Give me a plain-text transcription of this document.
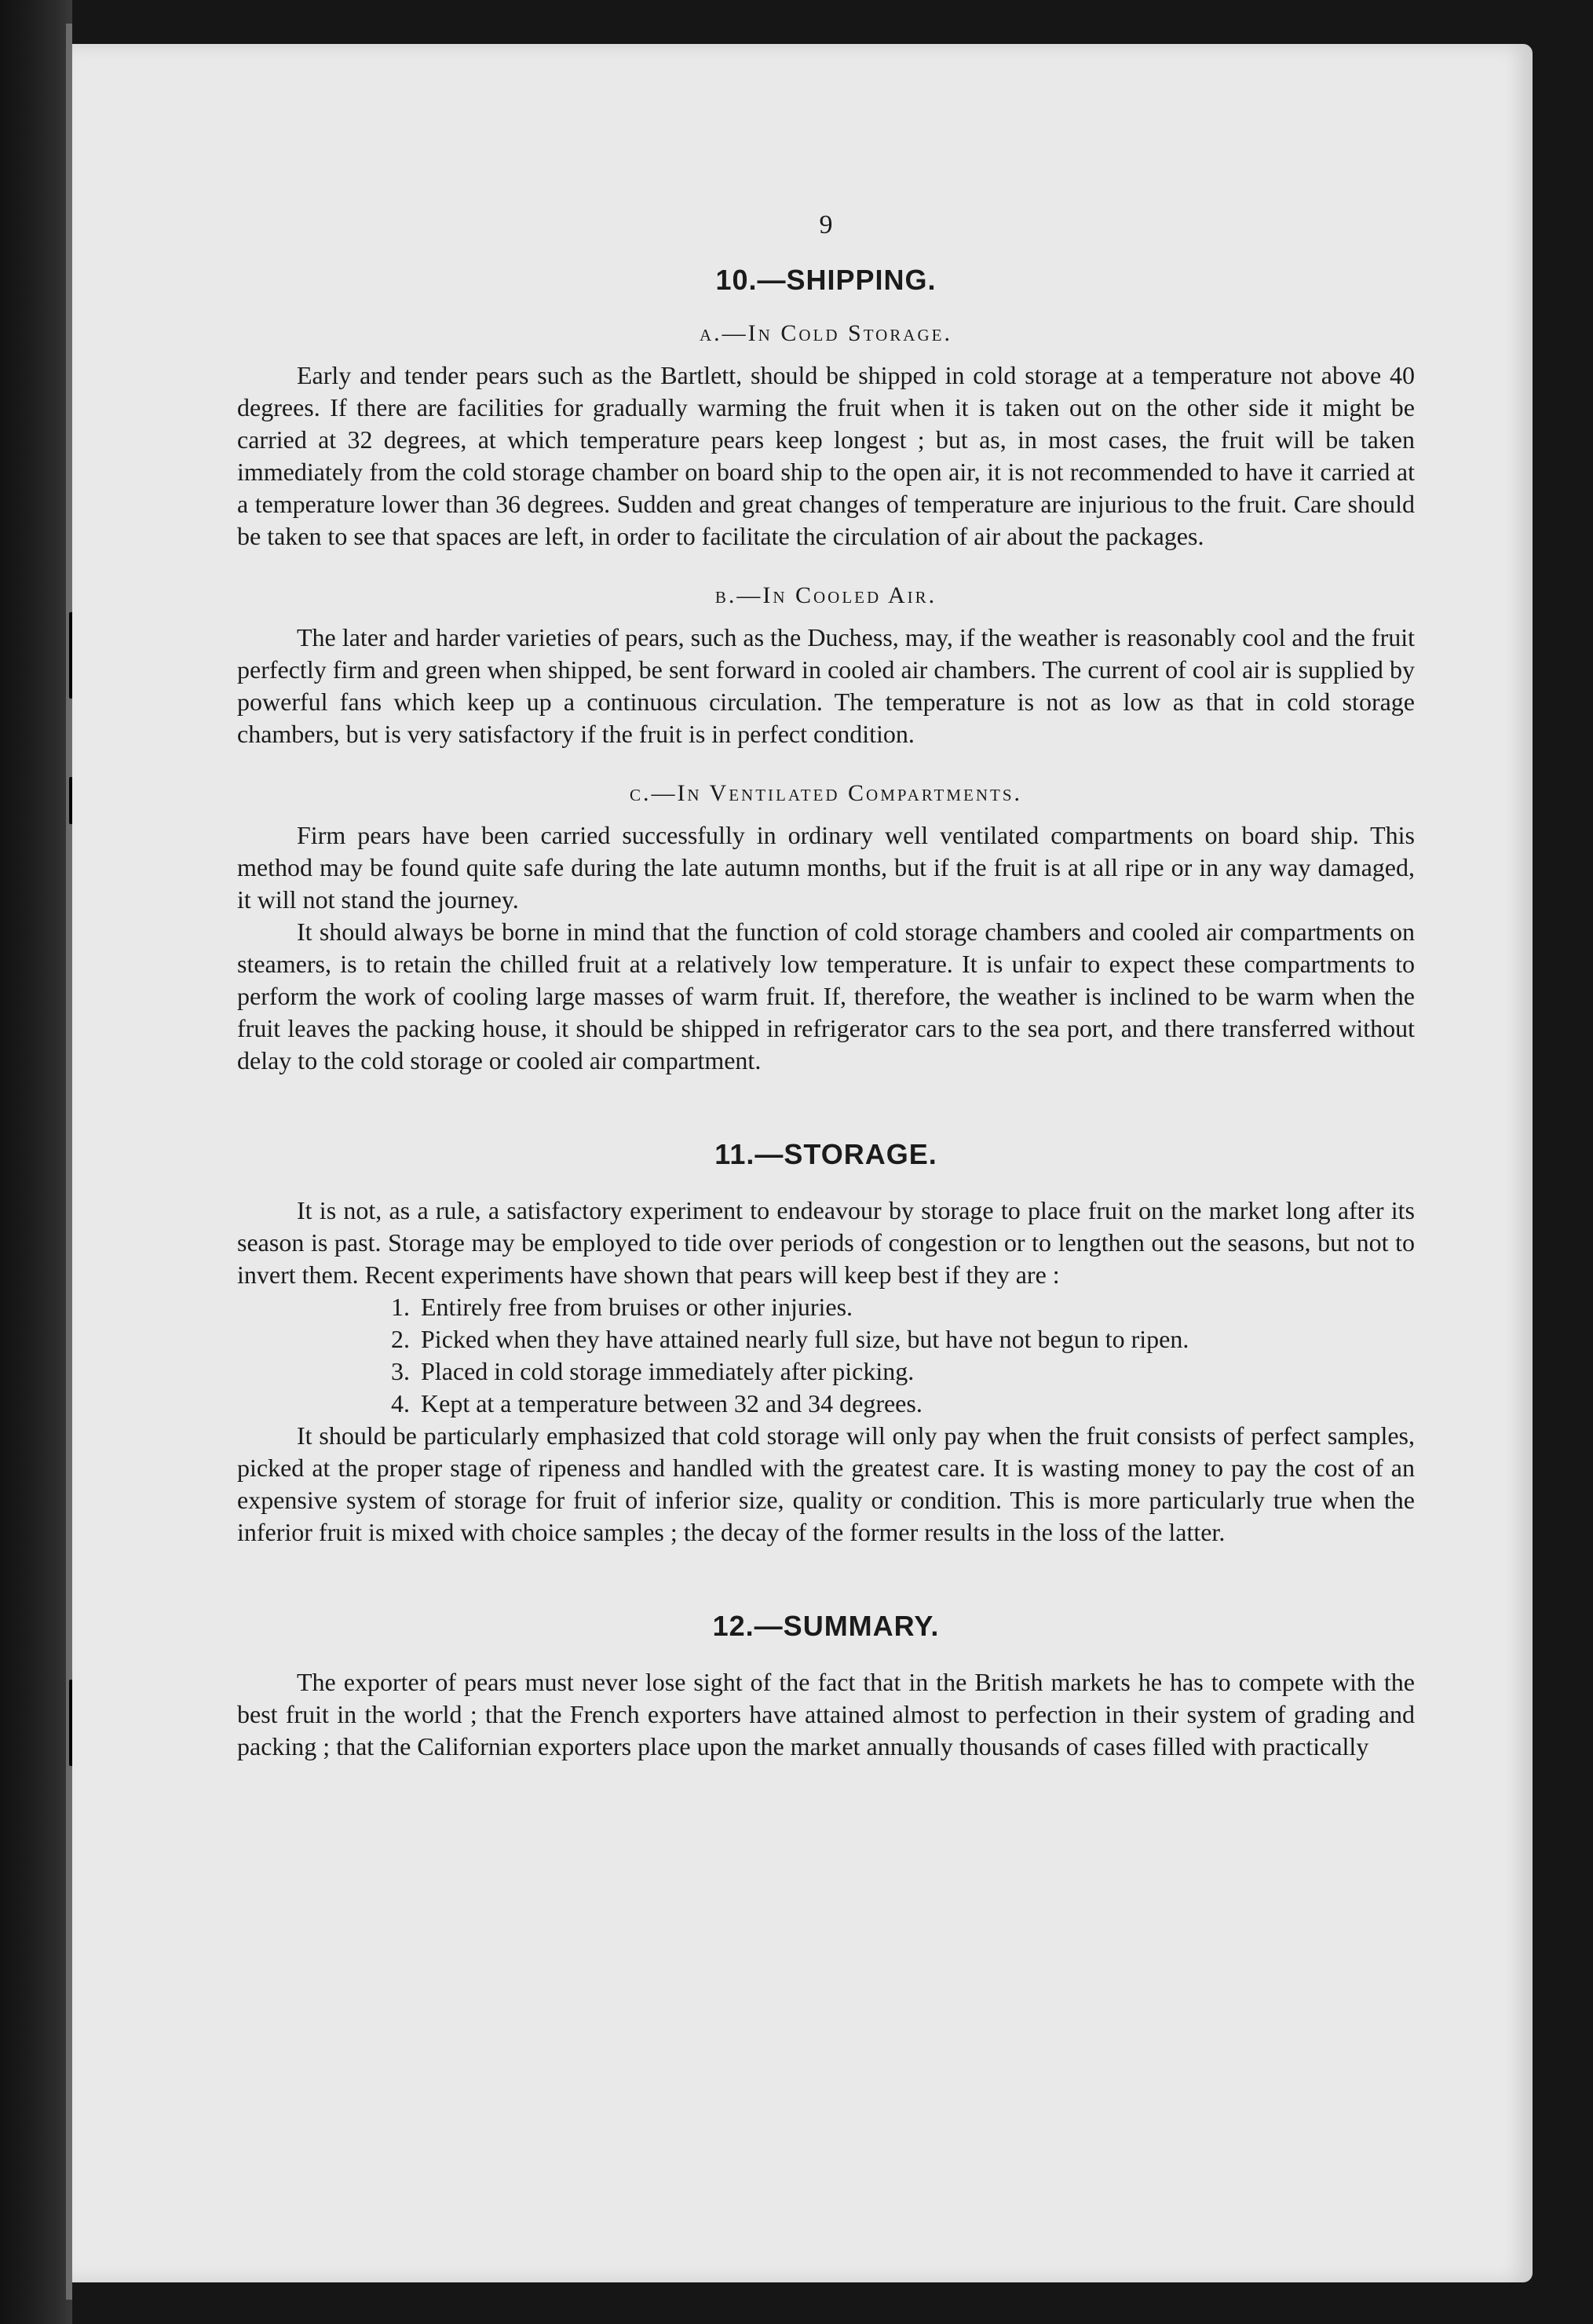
9
10.—SHIPPING.
a.—In Cold Storage.

Early and tender pears such as the Bartlett, should be shipped in cold storage at a temperature not above 40 degrees. If there are facilities for gradually warming the fruit when it is taken out on the other side it might be carried at 32 degrees, at which temperature pears keep longest ; but as, in most cases, the fruit will be taken immediately from the cold storage chamber on board ship to the open air, it is not recommended to have it carried at a temperature lower than 36 degrees. Sudden and great changes of temperature are injurious to the fruit. Care should be taken to see that spaces are left, in order to facilitate the circulation of air about the packages.

b.—In Cooled Air.

The later and harder varieties of pears, such as the Duchess, may, if the weather is reasonably cool and the fruit perfectly firm and green when shipped, be sent forward in cooled air chambers. The current of cool air is supplied by powerful fans which keep up a continuous circulation. The temperature is not as low as that in cold storage chambers, but is very satisfactory if the fruit is in perfect condition.

c.—In Ventilated Compartments.

Firm pears have been carried successfully in ordinary well ventilated compartments on board ship. This method may be found quite safe during the late autumn months, but if the fruit is at all ripe or in any way damaged, it will not stand the journey.

It should always be borne in mind that the function of cold storage chambers and cooled air compartments on steamers, is to retain the chilled fruit at a relatively low temperature. It is unfair to expect these compartments to perform the work of cooling large masses of warm fruit. If, therefore, the weather is inclined to be warm when the fruit leaves the packing house, it should be shipped in refrigerator cars to the sea port, and there transferred without delay to the cold storage or cooled air compartment.

11.—STORAGE.

It is not, as a rule, a satisfactory experiment to endeavour by storage to place fruit on the market long after its season is past. Storage may be employed to tide over periods of congestion or to lengthen out the seasons, but not to invert them. Recent experiments have shown that pears will keep best if they are :

1. Entirely free from bruises or other injuries.
2. Picked when they have attained nearly full size, but have not begun to ripen.
3. Placed in cold storage immediately after picking.
4. Kept at a temperature between 32 and 34 degrees.

It should be particularly emphasized that cold storage will only pay when the fruit consists of perfect samples, picked at the proper stage of ripeness and handled with the greatest care. It is wasting money to pay the cost of an expensive system of storage for fruit of inferior size, quality or condition. This is more particularly true when the inferior fruit is mixed with choice samples ; the decay of the former results in the loss of the latter.

12.—SUMMARY.

The exporter of pears must never lose sight of the fact that in the British markets he has to compete with the best fruit in the world ; that the French exporters have attained almost to perfection in their system of grading and packing ; that the Californian exporters place upon the market annually thousands of cases filled with practically
